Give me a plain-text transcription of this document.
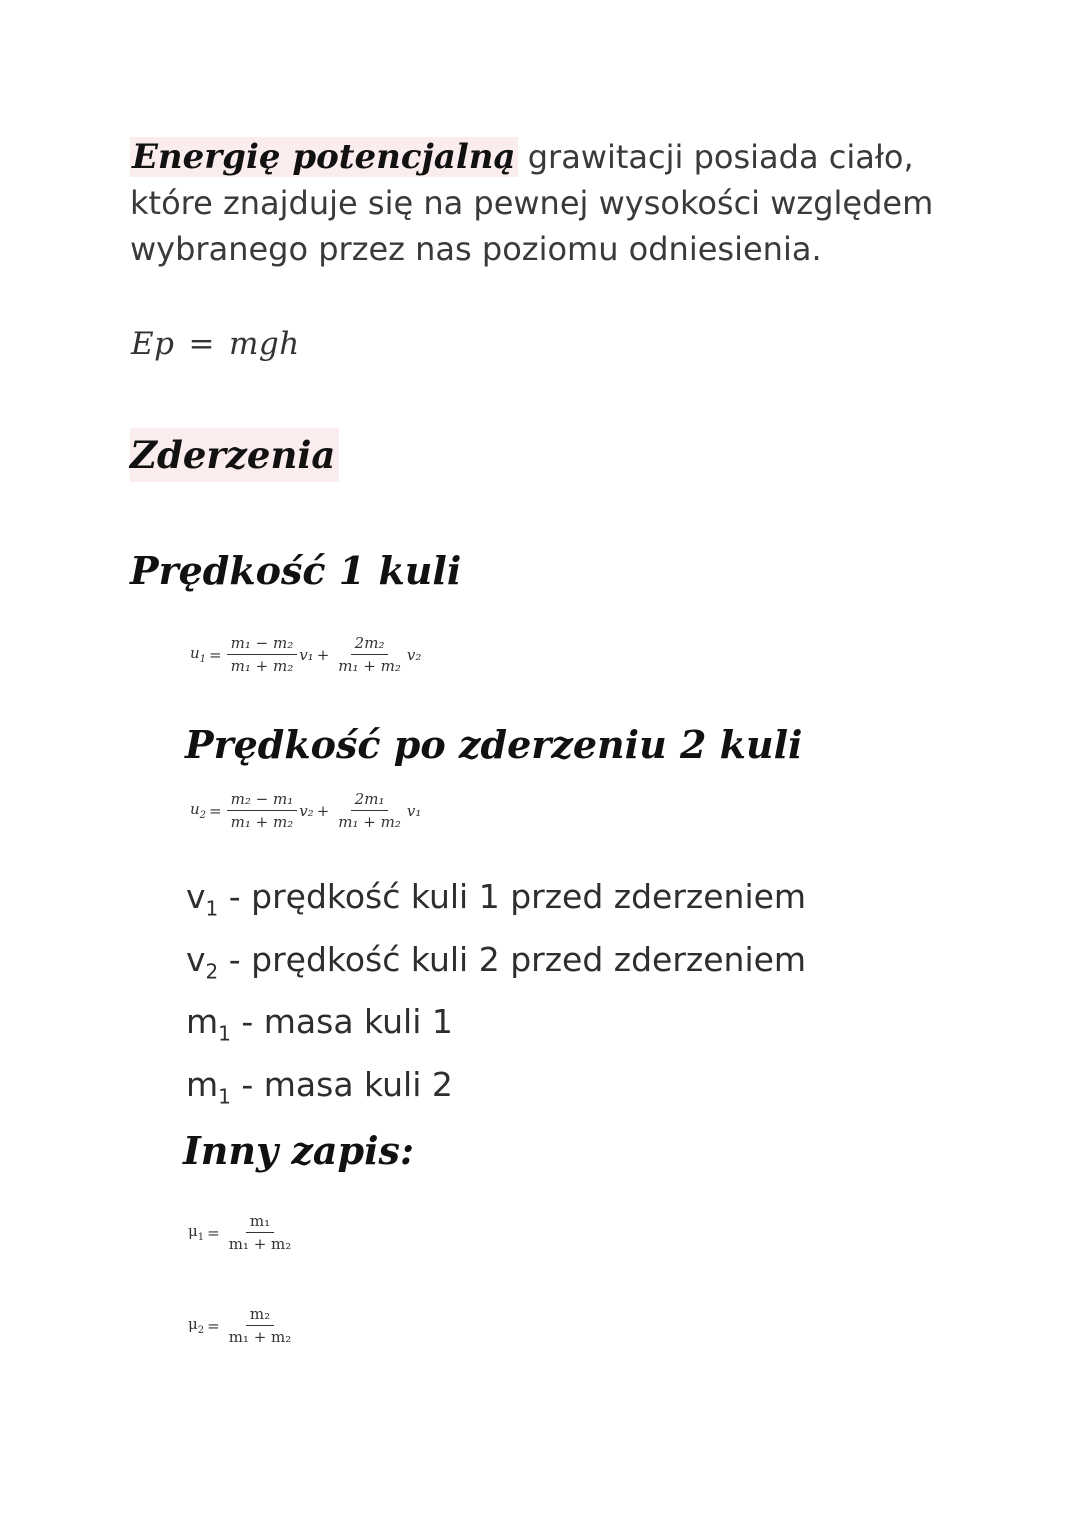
Energię potencjalną grawitacji posiada ciało, które znajduje się na pewnej wysokości względem wybranego przez nas poziomu odniesienia.

Ep = mgh
Zderzenia
Prędkość 1 kuli
$u_1 = \frac{\text{m₁ − m₂}}{\text{m₁ + m₂}} v_1 + \frac{\text{2m₂}}{\text{m₁ + m₂}} v_2$
Prędkość po zderzeniu 2 kuli
$u_2 = \frac{\text{m₂ − m₁}}{\text{m₁ + m₂}} v_2 + \frac{\text{2m₁}}{\text{m₁ + m₂}} v_1$
$v_1$ - prędkość kuli 1 przed zderzeniem
$v_2$ - prędkość kuli 2 przed zderzeniem
$m_1$ - masa kuli 1
$m_1$ - masa kuli 2
Inny zapis:
$\mu_1 = \frac{\text{m₁}}{\text{m₁ + m₂}}$
$\mu_2 = \frac{\text{m₂}}{\text{m₁ + m₂}}$
